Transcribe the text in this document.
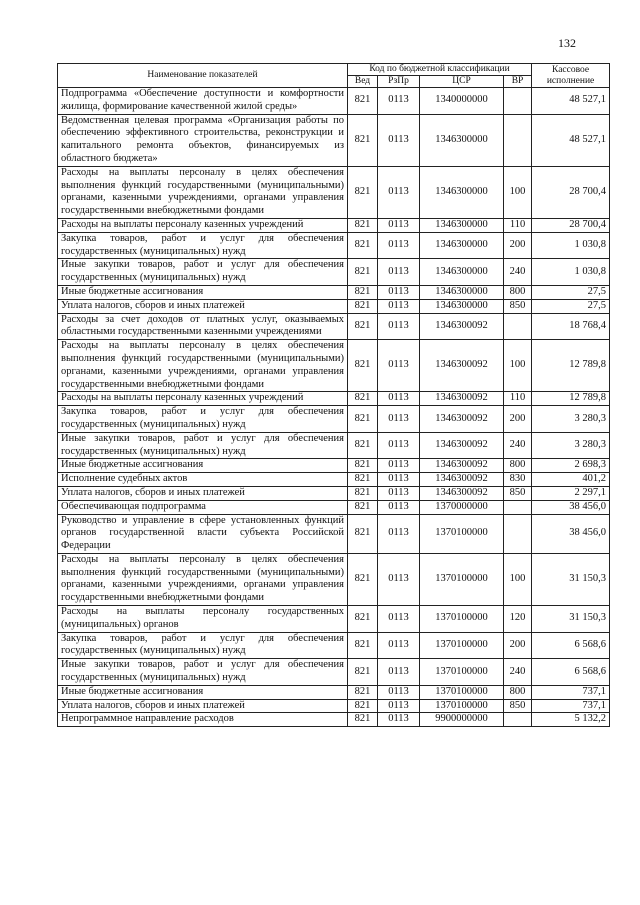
132
Наименование показателей	Код по бюджетной классификации				Кассовое исполнение
	Вед	РзПр	ЦСР	ВР	
Подпрограмма «Обеспечение доступности и комфортности жилища, формирование качественной жилой среды»	821	0113	1340000000		48 527,1
Ведомственная целевая программа «Организация работы по обеспечению эффективного строительства, реконструкции и капитального ремонта объектов, финансируемых из областного бюджета»	821	0113	1346300000		48 527,1
Расходы на выплаты персоналу в целях обеспечения выполнения функций государственными (муниципальными) органами, казенными учреждениями, органами управления государственными внебюджетными фондами	821	0113	1346300000	100	28 700,4
Расходы на выплаты персоналу казенных учреждений	821	0113	1346300000	110	28 700,4
Закупка товаров, работ и услуг для обеспечения государственных (муниципальных) нужд	821	0113	1346300000	200	1 030,8
Иные закупки товаров, работ и услуг для обеспечения государственных (муниципальных) нужд	821	0113	1346300000	240	1 030,8
Иные бюджетные ассигнования	821	0113	1346300000	800	27,5
Уплата налогов, сборов и иных платежей	821	0113	1346300000	850	27,5
Расходы за счет доходов от платных услуг, оказываемых областными государственными казенными учреждениями	821	0113	1346300092		18 768,4
Расходы на выплаты персоналу в целях обеспечения выполнения функций государственными (муниципальными) органами, казенными учреждениями, органами управления государственными внебюджетными фондами	821	0113	1346300092	100	12 789,8
Расходы на выплаты персоналу казенных учреждений	821	0113	1346300092	110	12 789,8
Закупка товаров, работ и услуг для обеспечения государственных (муниципальных) нужд	821	0113	1346300092	200	3 280,3
Иные закупки товаров, работ и услуг для обеспечения государственных (муниципальных) нужд	821	0113	1346300092	240	3 280,3
Иные бюджетные ассигнования	821	0113	1346300092	800	2 698,3
Исполнение судебных актов	821	0113	1346300092	830	401,2
Уплата налогов, сборов и иных платежей	821	0113	1346300092	850	2 297,1
Обеспечивающая подпрограмма	821	0113	1370000000		38 456,0
Руководство и управление в сфере установленных функций органов государственной власти субъекта Российской Федерации	821	0113	1370100000		38 456,0
Расходы на выплаты персоналу в целях обеспечения выполнения функций государственными (муниципальными) органами, казенными учреждениями, органами управления государственными внебюджетными фондами	821	0113	1370100000	100	31 150,3
Расходы на выплаты персоналу государственных (муниципальных) органов	821	0113	1370100000	120	31 150,3
Закупка товаров, работ и услуг для обеспечения государственных (муниципальных) нужд	821	0113	1370100000	200	6 568,6
Иные закупки товаров, работ и услуг для обеспечения государственных (муниципальных) нужд	821	0113	1370100000	240	6 568,6
Иные бюджетные ассигнования	821	0113	1370100000	800	737,1
Уплата налогов, сборов и иных платежей	821	0113	1370100000	850	737,1
Непрограммное направление расходов	821	0113	9900000000		5 132,2
